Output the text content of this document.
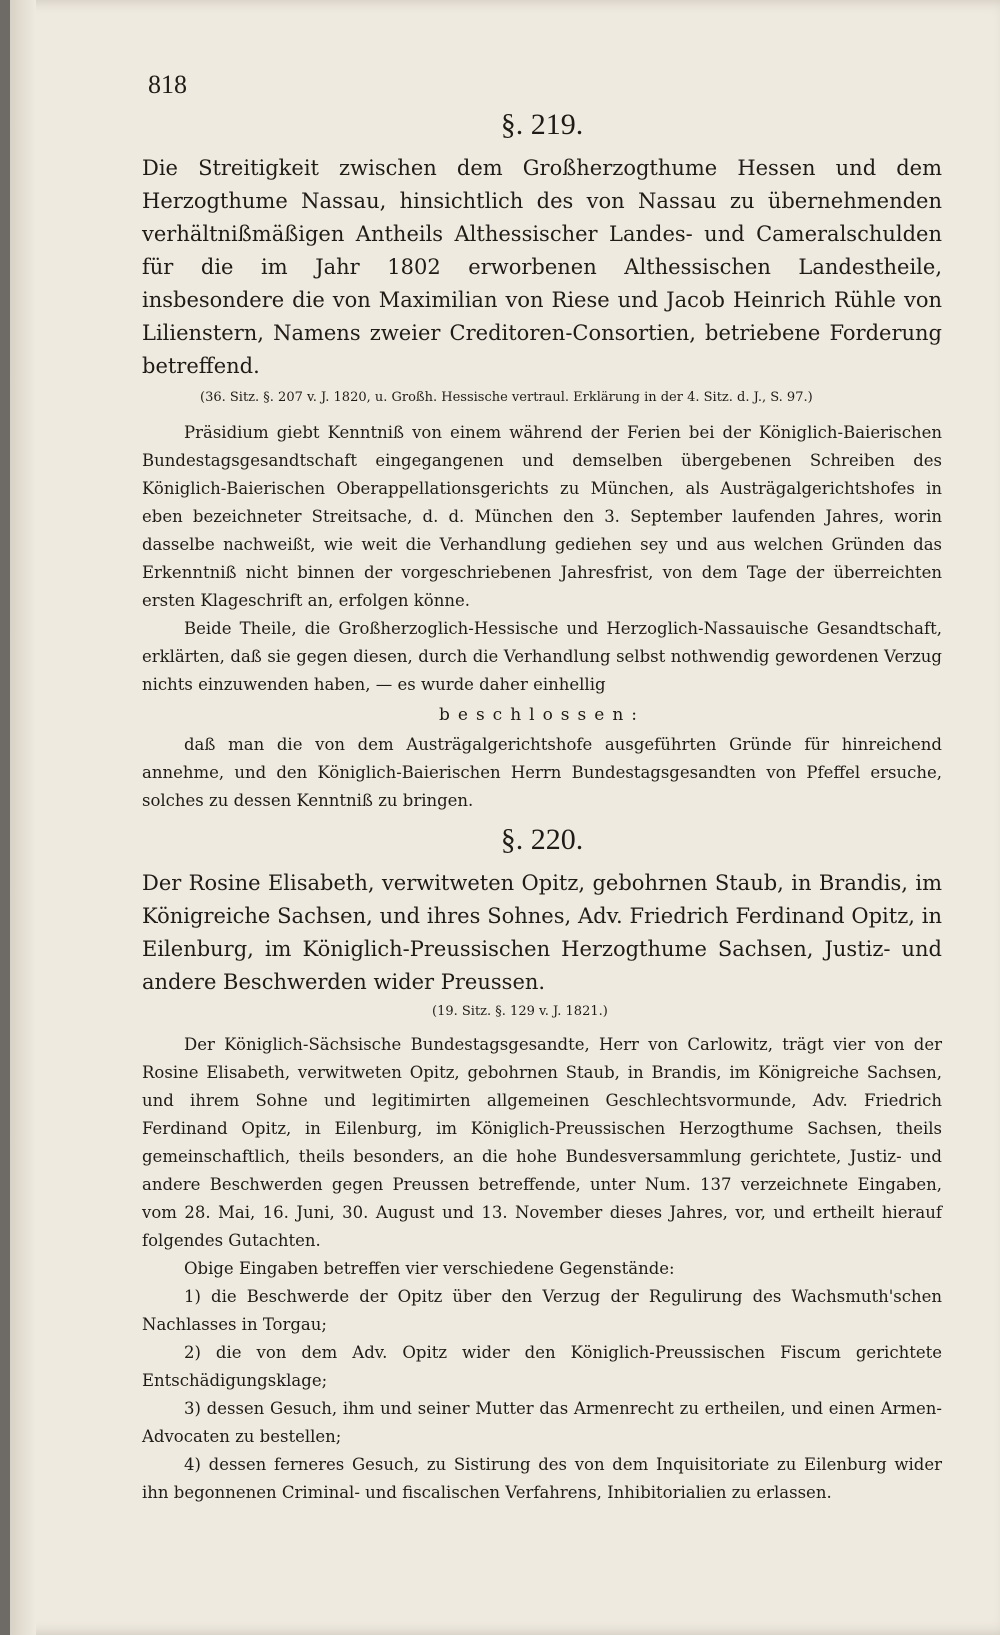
818
§. 219.

Die Streitigkeit zwischen dem Großherzogthume Hessen und dem Herzogthume Nassau, hinsichtlich des von Nassau zu übernehmenden verhältnißmäßigen Antheils Althessischer Landes- und Cameralschulden für die im Jahr 1802 erworbenen Althessischen Landestheile, insbesondere die von Maximilian von Riese und Jacob Heinrich Rühle von Lilienstern, Namens zweier Creditoren-Consortien, betriebene Forderung betreffend.

(36. Sitz. §. 207 v. J. 1820, u. Großh. Hessische vertraul. Erklärung in der 4. Sitz. d. J., S. 97.)

Präsidium giebt Kenntniß von einem während der Ferien bei der Königlich-Baierischen Bundestagsgesandtschaft eingegangenen und demselben übergebenen Schreiben des Königlich-Baierischen Oberappellationsgerichts zu München, als Austrägalgerichtshofes in eben bezeichneter Streitsache, d. d. München den 3. September laufenden Jahres, worin dasselbe nachweißt, wie weit die Verhandlung gediehen sey und aus welchen Gründen das Erkenntniß nicht binnen der vorgeschriebenen Jahresfrist, von dem Tage der überreichten ersten Klageschrift an, erfolgen könne.

Beide Theile, die Großherzoglich-Hessische und Herzoglich-Nassauische Gesandtschaft, erklärten, daß sie gegen diesen, durch die Verhandlung selbst nothwendig gewordenen Verzug nichts einzuwenden haben, — es wurde daher einhellig

beschlossen:

daß man die von dem Austrägalgerichtshofe ausgeführten Gründe für hinreichend annehme, und den Königlich-Baierischen Herrn Bundestagsgesandten von Pfeffel ersuche, solches zu dessen Kenntniß zu bringen.

§. 220.

Der Rosine Elisabeth, verwitweten Opitz, gebohrnen Staub, in Brandis, im Königreiche Sachsen, und ihres Sohnes, Adv. Friedrich Ferdinand Opitz, in Eilenburg, im Königlich-Preussischen Herzogthume Sachsen, Justiz- und andere Beschwerden wider Preussen.

(19. Sitz. §. 129 v. J. 1821.)

Der Königlich-Sächsische Bundestagsgesandte, Herr von Carlowitz, trägt vier von der Rosine Elisabeth, verwitweten Opitz, gebohrnen Staub, in Brandis, im Königreiche Sachsen, und ihrem Sohne und legitimirten allgemeinen Geschlechtsvormunde, Adv. Friedrich Ferdinand Opitz, in Eilenburg, im Königlich-Preussischen Herzogthume Sachsen, theils gemeinschaftlich, theils besonders, an die hohe Bundesversammlung gerichtete, Justiz- und andere Beschwerden gegen Preussen betreffende, unter Num. 137 verzeichnete Eingaben, vom 28. Mai, 16. Juni, 30. August und 13. November dieses Jahres, vor, und ertheilt hierauf folgendes Gutachten.

Obige Eingaben betreffen vier verschiedene Gegenstände:

1) die Beschwerde der Opitz über den Verzug der Regulirung des Wachsmuth'schen Nachlasses in Torgau;

2) die von dem Adv. Opitz wider den Königlich-Preussischen Fiscum gerichtete Entschädigungsklage;

3) dessen Gesuch, ihm und seiner Mutter das Armenrecht zu ertheilen, und einen Armen-Advocaten zu bestellen;

4) dessen ferneres Gesuch, zu Sistirung des von dem Inquisitoriate zu Eilenburg wider ihn begonnenen Criminal- und fiscalischen Verfahrens, Inhibitorialien zu erlassen.
